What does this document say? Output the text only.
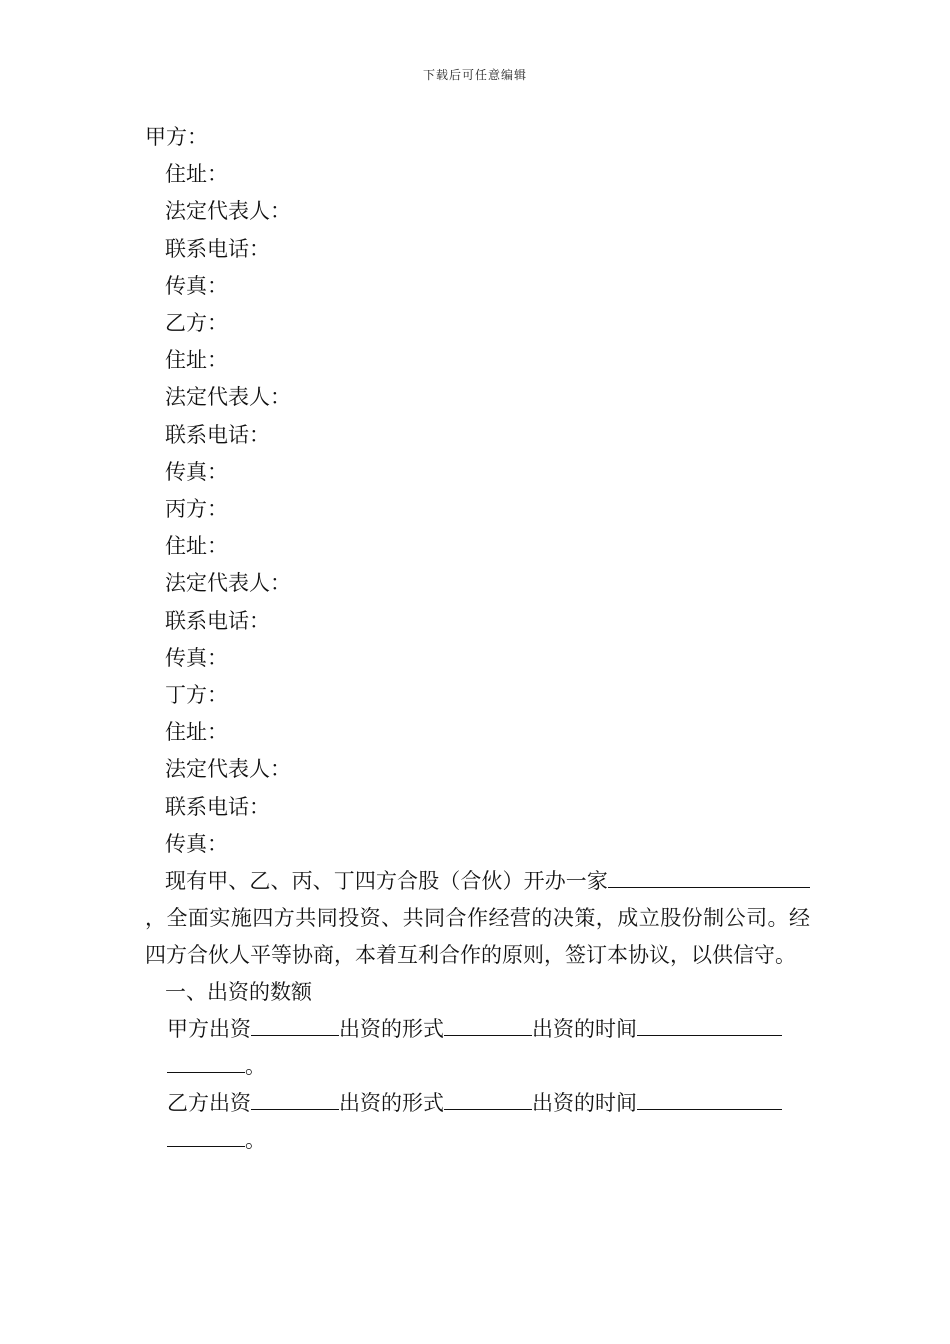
下载后可任意编辑

甲方：

住址：

法定代表人：

联系电话：

传真：

乙方：

住址：

法定代表人：

联系电话：

传真：

丙方：

住址：

法定代表人：

联系电话：

传真：

丁方：

住址：

法定代表人：

联系电话：

传真：

现有甲、乙、丙、丁四方合股（合伙）开办一家，全面实施四方共同投资、共同合作经营的决策，成立股份制公司。经四方合伙人平等协商，本着互利合作的原则，签订本协议，以供信守。

一、出资的数额

甲方出资	出资的形式	出资的时间。

乙方出资	出资的形式	出资的时间。
